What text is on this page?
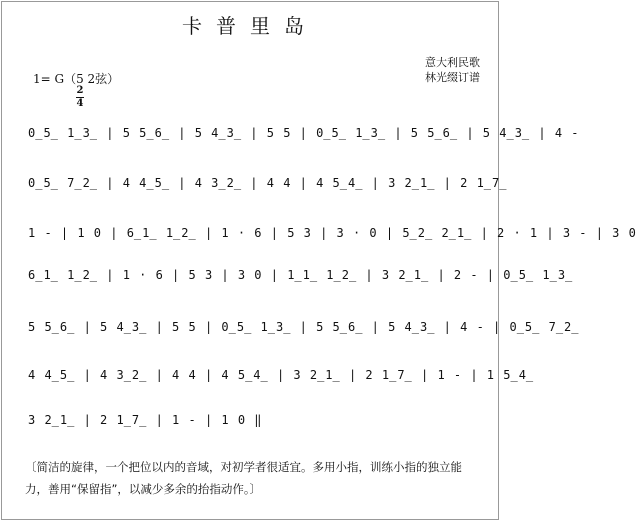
卡普里岛
意大利民歌
林光缀订谱
1= G（5 2弦）
2
4
0̲5̲ 1̲3̲ | 5 5̲6̲ | 5 4̲3̲ | 5 5 | 0̲5̲ 1̲3̲ | 5 5̲6̲ | 5 4̲3̲ | 4 -
0̲5̲ 7̲2̲ | 4 4̲5̲ | 4 3̲2̲ | 4 4 | 4 5̲4̲ | 3 2̲1̲ | 2 1̲7̲
1 - | 1 0 | 6̲1̲ 1̲2̲ | 1 · 6 | 5 3 | 3 · 0 | 5̲2̲ 2̲1̲ | 2 · 1 | 3 - | 3 0
6̲1̲ 1̲2̲ | 1 · 6 | 5 3 | 3 0 | 1̲1̲ 1̲2̲ | 3 2̲1̲ | 2 - | 0̲5̲ 1̲3̲
5 5̲6̲ | 5 4̲3̲ | 5 5 | 0̲5̲ 1̲3̲ | 5 5̲6̲ | 5 4̲3̲ | 4 - | 0̲5̲ 7̲2̲
4 4̲5̲ | 4 3̲2̲ | 4 4 | 4 5̲4̲ | 3 2̲1̲ | 2 1̲7̲ | 1 - | 1 5̲4̲
3 2̲1̲ | 2 1̲7̲ | 1 - | 1 0 ‖
〔简洁的旋律，一个把位以内的音域，对初学者很适宜。多用小指，训练小指的独立能力，善用“保留指”，以减少多余的抬指动作。〕
